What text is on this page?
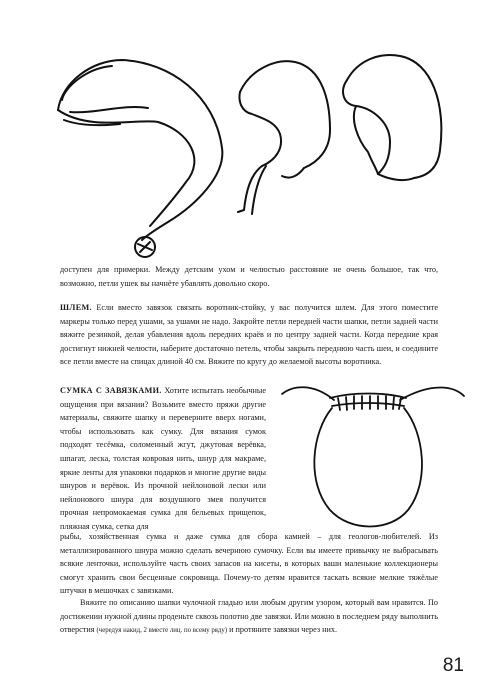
доступен для примерки. Между детским ухом и челюстью расстояние не очень большое, так что, возможно, петли ушек вы начнёте убавлять довольно скоро.

ШЛЕМ. Если вместо завязок связать воротник-стойку, у вас получится шлем. Для этого поместите маркеры только перед ушами, за ушами не надо. Закройте петли передней части шапки, петли задней части вяжите резинкой, делая убавления вдоль передних краёв и по центру задней части. Когда передние края достигнут нижней челюсти, наберите достаточно петель, чтобы закрыть переднюю часть шеи, и соедините все петли вместе на спицах длиной 40 см. Вяжите по кругу до желаемой высоты воротника.

СУМКА С ЗАВЯЗКАМИ. Хотите испытать необычные ощущения при вязании? Возьмите вместо пряжи другие материалы, свяжите шапку и переверните вверх ногами, чтобы использовать как сумку. Для вязания сумок подходят тесёмка, соломенный жгут, джутовая верёвка, шпагат, леска, толстая ковровая нить, шнур для макраме, яркие ленты для упаковки подарков и многие другие виды шнуров и верёвок. Из прочной нейлоновой лески или нейлонового шнура для воздушного змея получится прочная непромокаемая сумка для бельевых прищепок, пляжная сумка, сетка для

рыбы, хозяйственная сумка и даже сумка для сбора камней – для геологов-любителей. Из металлизированного шнура можно сделать вечернюю сумочку. Если вы имеете привычку не выбрасывать всякие ленточки, используйте часть своих запасов на кисеты, в которых ваши маленькие коллекционеры смогут хранить свои бесценные сокровища. Почему-то детям нравится таскать всякие мелкие тяжёлые штучки в мешочках с завязками.

Вяжите по описанию шапки чулочной гладью или любым другим узором, который вам нравится. По достижении нужной длины проденьте сквозь полотно две завязки. Или можно в последнем ряду выполнить отверстия (чередуя накид, 2 вместе лиц. по всему ряду) и протяните завязки через них.

81
